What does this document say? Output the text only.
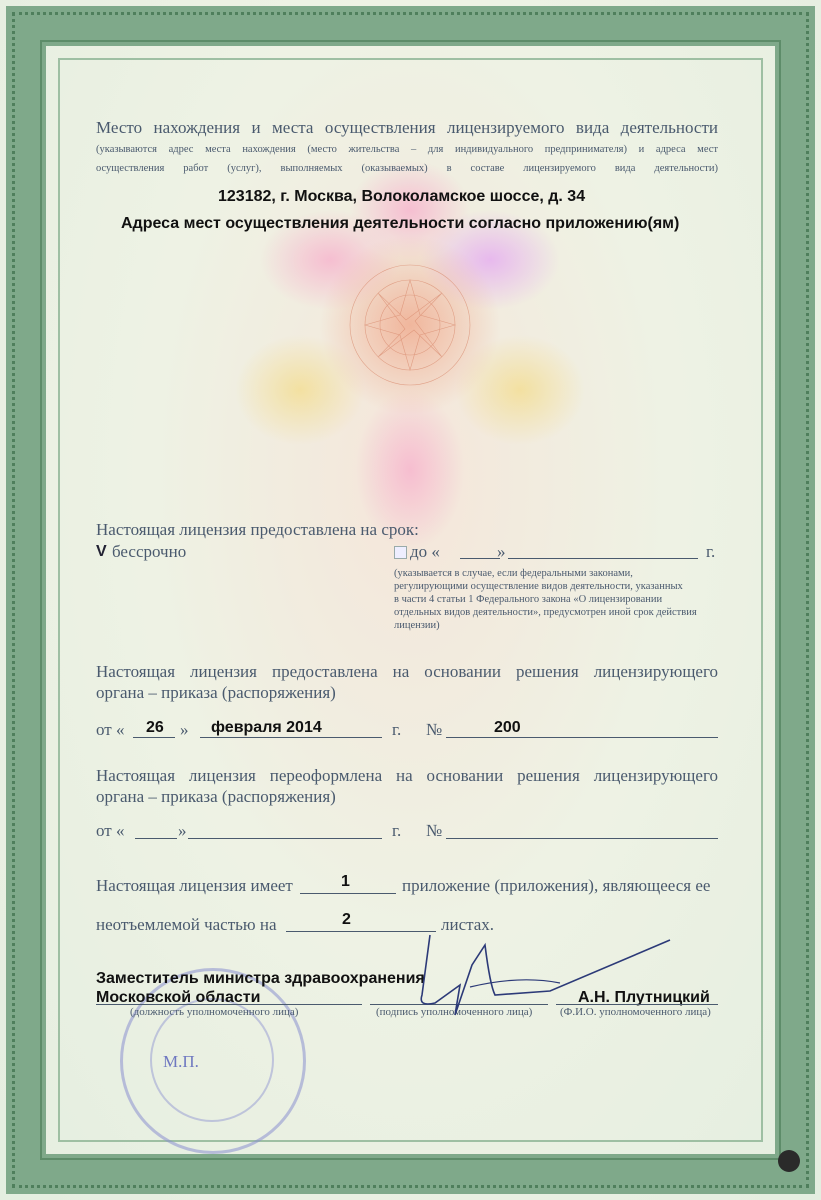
Место нахождения и места осуществления лицензируемого вида деятельности
(указываются адрес места нахождения (место жительства – для индивидуального предпринимателя) и адреса мест
осуществления работ (услуг), выполняемых (оказываемых) в составе лицензируемого вида деятельности)
123182, г. Москва, Волоколамское шоссе, д. 34
Адреса мест осуществления деятельности согласно приложению(ям)
Настоящая лицензия предоставлена на срок:
V бессрочно	до «	»	г.
(указывается в случае, если федеральными законами,
регулирующими осуществление видов деятельности, указанных
в части 4 статьи 1 Федерального закона «О лицензировании
отдельных видов деятельности», предусмотрен иной срок действия
лицензии)
Настоящая лицензия предоставлена на основании решения лицензирующего
органа – приказа (распоряжения)
от « 26 » февраля 2014	г. №	200
Настоящая лицензия переоформлена на основании решения лицензирующего
органа – приказа (распоряжения)
от «	»	г. №
Настоящая лицензия имеет	1	приложение (приложения), являющееся ее
неотъемлемой частью на	2	листах.
М.П.
Заместитель министра здравоохранения
Московской области	А.Н. Плутницкий
(должность уполномоченного лица)	(подпись уполномоченного лица)	(Ф.И.О. уполномоченного лица)
